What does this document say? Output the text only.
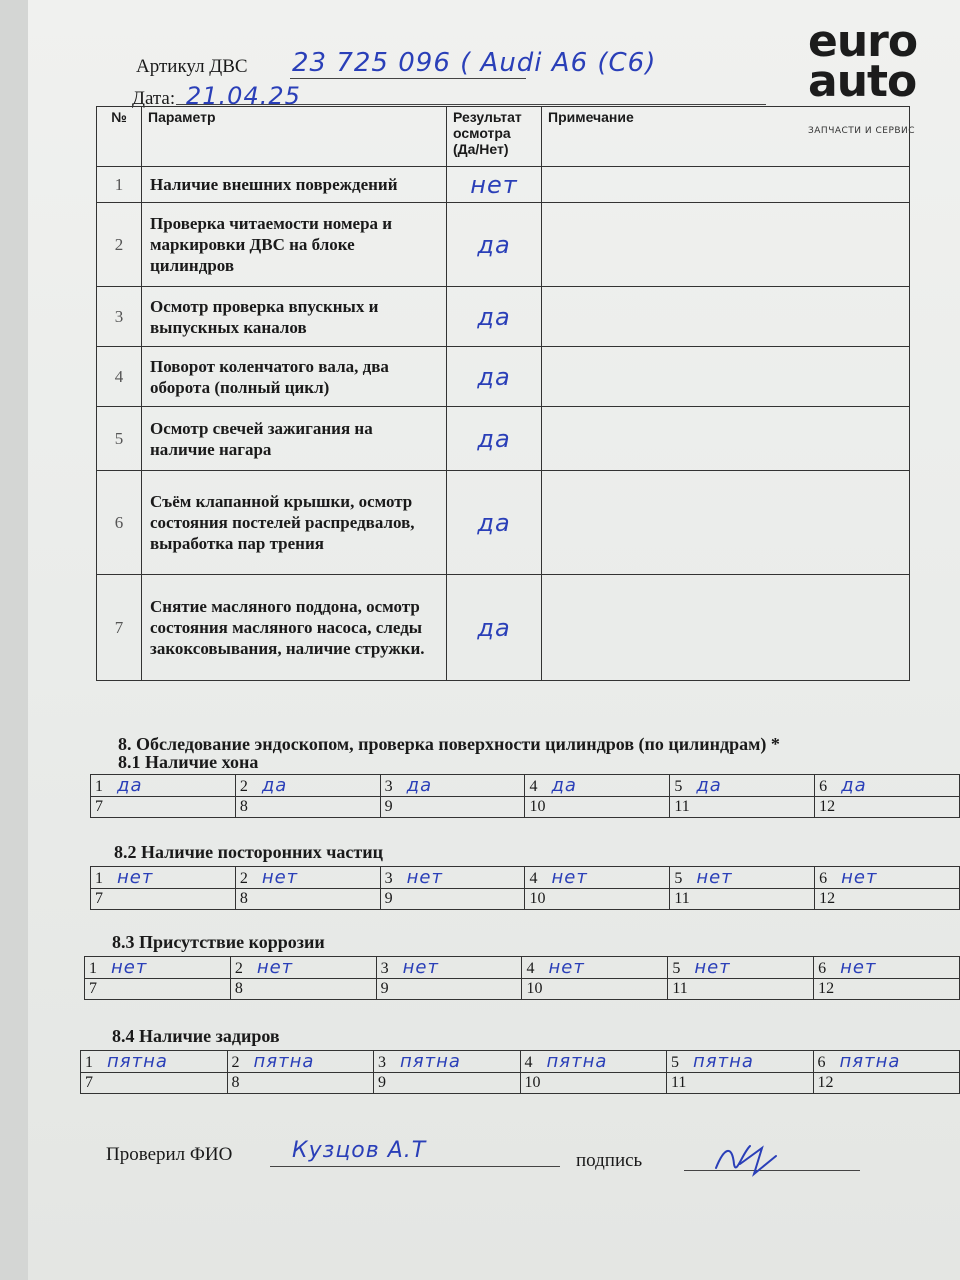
euro
auto
ЗАПЧАСТИ И СЕРВИС
Артикул ДВС 23 725 096 ( Audi A6 (C6)
Дата: 21.04.25
№	Параметр	Результат осмотра (Да/Нет)	Примечание
1	Наличие внешних повреждений	нет	
2	Проверка читаемости номера и маркировки ДВС на блоке цилиндров	да	
3	Осмотр проверка впускных и выпускных каналов	да	
4	Поворот коленчатого вала, два оборота (полный цикл)	да	
5	Осмотр свечей зажигания на наличие нагара	да	
6	Съём клапанной крышки, осмотр состояния постелей распредвалов, выработка пар трения	да	
7	Снятие масляного поддона, осмотр состояния масляного насоса, следы закоксовывания, наличие стружки.	да	
8. Обследование эндоскопом, проверка поверхности цилиндров (по цилиндрам) *
8.1 Наличие хона
1 да	2 да	3 да	4 да	5 да	6 да
7	8	9	10	11	12
8.2 Наличие посторонних частиц
1 нет	2 нет	3 нет	4 нет	5 нет	6 нет
7	8	9	10	11	12
8.3 Присутствие коррозии
1 нет	2 нет	3 нет	4 нет	5 нет	6 нет
7	8	9	10	11	12
8.4 Наличие задиров
1 пятна	2 пятна	3 пятна	4 пятна	5 пятна	6 пятна
7	8	9	10	11	12
Проверил ФИО	Кузцов А.Т	подпись
